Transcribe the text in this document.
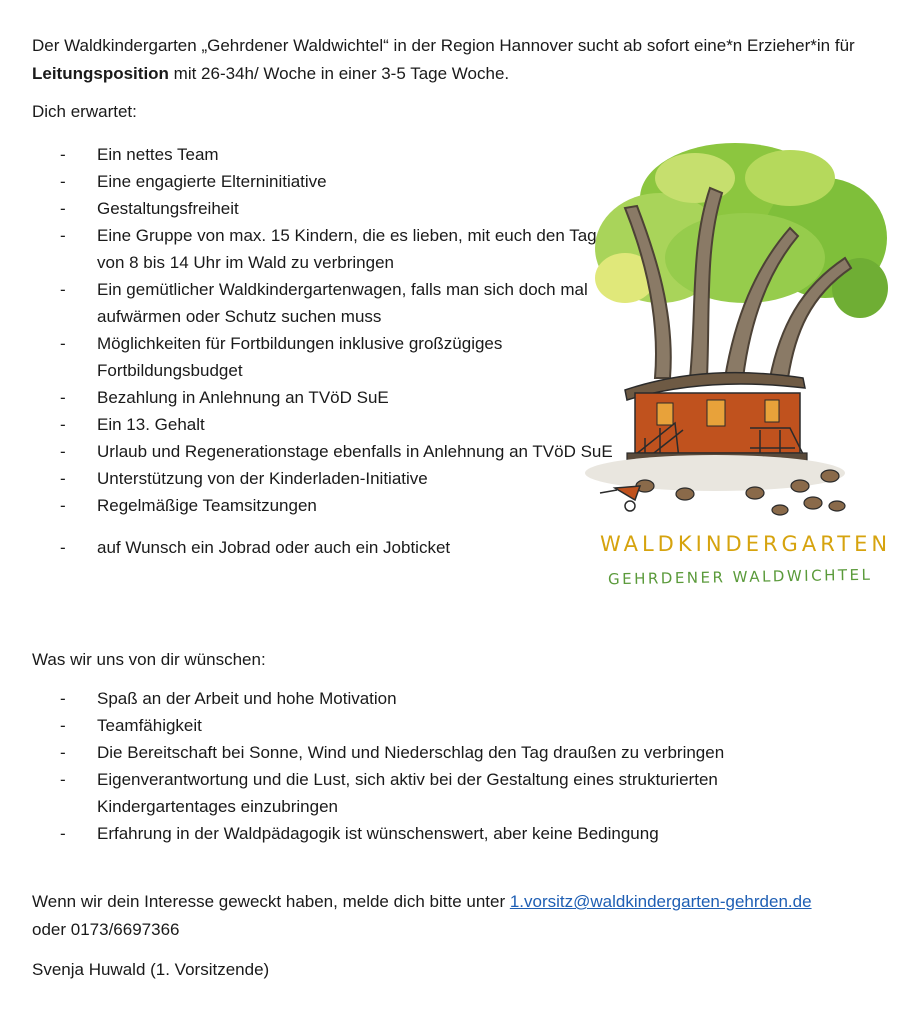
Der Waldkindergarten „Gehrdener Waldwichtel“ in der Region Hannover sucht ab sofort eine*n Erzieher*in für Leitungsposition mit 26-34h/ Woche in einer 3-5 Tage Woche.

Dich erwartet:
- Ein nettes Team
- Eine engagierte Elterninitiative
- Gestaltungsfreiheit
- Eine Gruppe von max. 15 Kindern, die es lieben, mit euch den Tag von 8 bis 14 Uhr im Wald zu verbringen
- Ein gemütlicher Waldkindergartenwagen, falls man sich doch mal aufwärmen oder Schutz suchen muss
- Möglichkeiten für Fortbildungen inklusive großzügiges Fortbildungsbudget
- Bezahlung in Anlehnung an TVöD SuE
- Ein 13. Gehalt
- Urlaub und Regenerationstage ebenfalls in Anlehnung an TVöD SuE
- Unterstützung von der Kinderladen-Initiative
- Regelmäßige Teamsitzungen
- auf Wunsch ein Jobrad oder auch ein Jobticket	WALDKINDERGARTEN
GEHRDENER WALDWICHTEL
Was wir uns von dir wünschen:
- Spaß an der Arbeit und hohe Motivation
- Teamfähigkeit
- Die Bereitschaft bei Sonne, Wind und Niederschlag den Tag draußen zu verbringen
- Eigenverantwortung und die Lust, sich aktiv bei der Gestaltung eines strukturierten Kindergartentages einzubringen
- Erfahrung in der Waldpädagogik ist wünschenswert, aber keine Bedingung

Wenn wir dein Interesse geweckt haben, melde dich bitte unter 1.vorsitz@waldkindergarten-gehrden.de oder 0173/6697366

Svenja Huwald (1. Vorsitzende)
